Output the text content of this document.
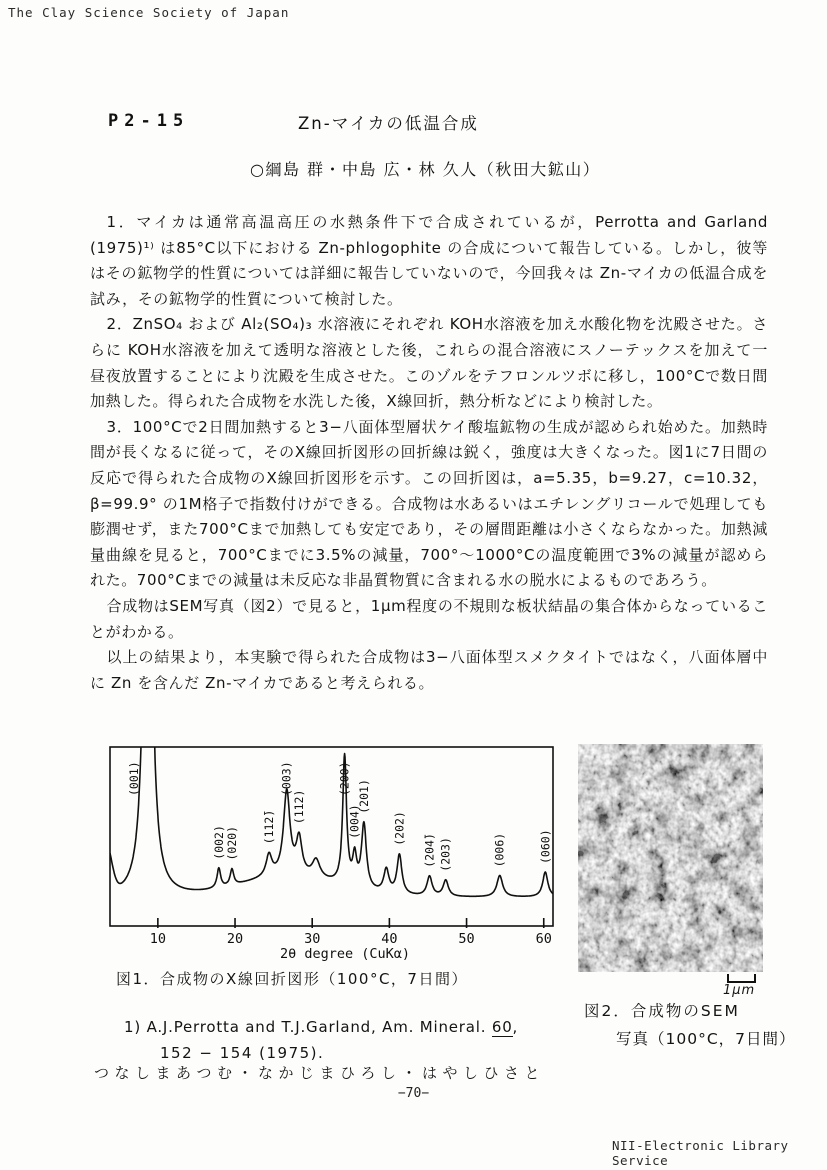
The Clay Science Society of Japan
P2-15	Zn-マイカの低温合成
○綱島 群・中島 広・林 久人（秋田大鉱山）

1．マイカは通常高温高圧の水熱条件下で合成されているが，Perrotta and Garland (1975)¹⁾ は85°C以下における Zn-phlogophite の合成について報告している。しかし，彼等はその鉱物学的性質については詳細に報告していないので，今回我々は Zn-マイカの低温合成を試み，その鉱物学的性質について検討した。

2．ZnSO₄ および Al₂(SO₄)₃ 水溶液にそれぞれ KOH水溶液を加え水酸化物を沈殿させた。さらに KOH水溶液を加えて透明な溶液とした後，これらの混合溶液にスノーテックスを加えて一昼夜放置することにより沈殿を生成させた。このゾルをテフロンルツボに移し，100°Cで数日間加熱した。得られた合成物を水洗した後，X線回折，熱分析などにより検討した。

3．100°Cで2日間加熱すると3−八面体型層状ケイ酸塩鉱物の生成が認められ始めた。加熱時間が長くなるに従って，そのX線回折図形の回折線は鋭く，強度は大きくなった。図1に7日間の反応で得られた合成物のX線回折図形を示す。この回折図は，a=5.35，b=9.27，c=10.32，β=99.9° の1M格子で指数付けができる。合成物は水あるいはエチレングリコールで処理しても膨潤せず，また700°Cまで加熱しても安定であり，その層間距離は小さくならなかった。加熱減量曲線を見ると，700°Cまでに3.5%の減量，700°〜1000°Cの温度範囲で3%の減量が認められた。700°Cまでの減量は未反応な非晶質物質に含まれる水の脱水によるものであろう。

合成物はSEM写真（図2）で見ると，1μm程度の不規則な板状結晶の集合体からなっていることがわかる。

以上の結果より，本実験で得られた合成物は3−八面体型スメクタイトではなく，八面体層中に Zn を含んだ Zn-マイカであると考えられる。

(001)
(002) (020) (112̄)
(003)
(112)
(200)
(004)
(201)
(202)
(204̄) (203)	(006)	(060)
10	20	30	40	50	60
2θ degree (CuKα)
図1．合成物のX線回折図形（100°C，7日間）
1μm
図2．合成物のSEM
写真（100°C，7日間）
1) A.J.Perrotta and T.J.Garland, Am. Mineral. 60,
152 − 154 (1975).
つなしまあつむ・なかじまひろし・はやしひさと
−70−
NII-Electronic Library Service
